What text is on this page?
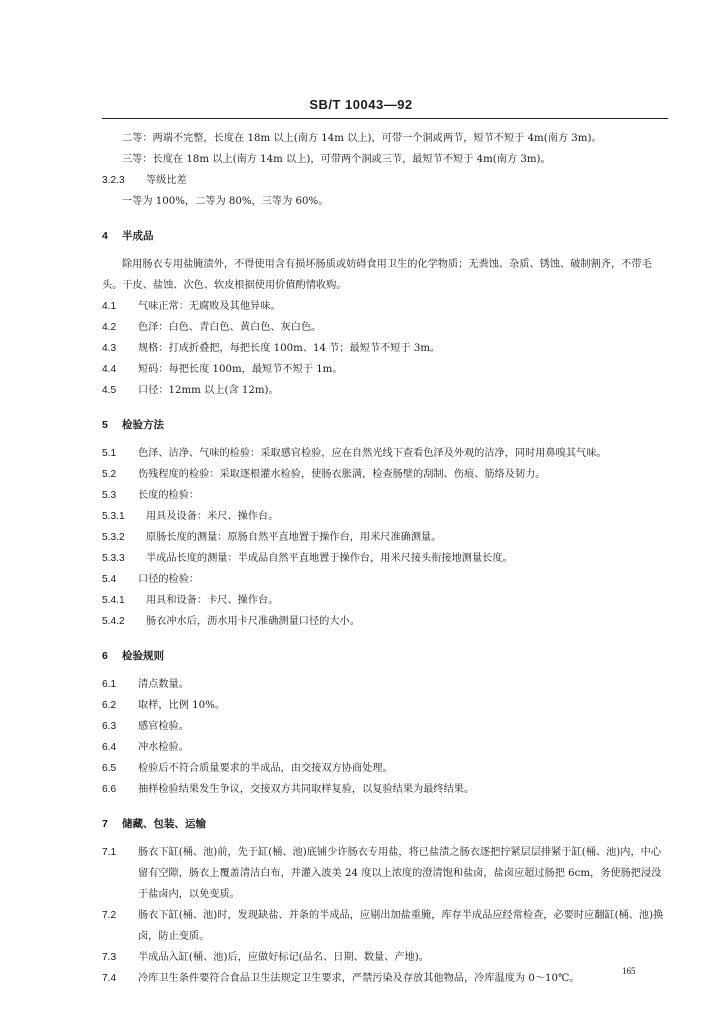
SB/T 10043—92

二等：两端不完整，长度在 18m 以上(南方 14m 以上)，可带一个洞或两节，短节不短于 4m(南方 3m)。

三等：长度在 18m 以上(南方 14m 以上)，可带两个洞或三节，最短节不短于 4m(南方 3m)。

3.2.3	等级比差

一等为 100%，二等为 80%，三等为 60%。

4	半成品

除用肠衣专用盐腌渍外，不得使用含有损坏肠质或妨碍食用卫生的化学物质；无粪蚀、杂质、锈蚀、破制割齐，不带毛头。干皮、盐蚀、次色、软皮根据使用价值酌情收购。

4.1	气味正常：无腐败及其他异味。
4.2	色泽：白色、青白色、黄白色、灰白色。
4.3	规格：打成折叠把，每把长度 100m、14 节；最短节不短于 3m。
4.4	短码：每把长度 100m，最短节不短于 1m。
4.5	口径：12mm 以上(含 12m)。
5	检验方法
5.1	色泽、洁净、气味的检验：采取感官检验，应在自然光线下查看色泽及外观的洁净，同时用鼻嗅其气味。
5.2	伤残程度的检验：采取逐根灌水检验，使肠衣胀满，检查肠壁的刮制、伤痕、筋络及韧力。
5.3	长度的检验：
5.3.1	用具及设备：米尺、操作台。
5.3.2	原肠长度的测量：原肠自然平直地置于操作台，用米尺准确测量。
5.3.3	半成品长度的测量：半成品自然平直地置于操作台，用米尺接头衔接地测量长度。
5.4	口径的检验：
5.4.1	用具和设备：卡尺、操作台。
5.4.2	肠衣冲水后，沥水用卡尺准确测量口径的大小。
6	检验规则
6.1	清点数量。
6.2	取样，比例 10%。
6.3	感官检验。
6.4	冲水检验。
6.5	检验后不符合质量要求的半成品，由交接双方协商处理。
6.6	抽样检验结果发生争议，交接双方共同取样复验，以复验结果为最终结果。
7	储藏、包装、运输
7.1	肠衣下缸(桶、池)前，先于缸(桶、池)底铺少许肠衣专用盐，将已盐渍之肠衣逐把拧紧层层排紧于缸(桶、池)内，中心留有空隙，肠衣上覆盖清洁白布，并灌入波美 24 度以上浓度的澄清饱和盐卤，盐卤应超过肠把 6cm，务使肠把浸没于盐卤内，以免变质。
7.2	肠衣下缸(桶、池)时，发现缺盐、并条的半成品，应剔出加盐重腌，库存半成品应经常检查，必要时应翻缸(桶、池)换卤，防止变质。
7.3	半成品入缸(桶、池)后，应做好标记(品名、日期、数量、产地)。
7.4	冷库卫生条件要符合食品卫生法规定卫生要求，严禁污染及存放其他物品，冷库温度为 0～10℃。
165
